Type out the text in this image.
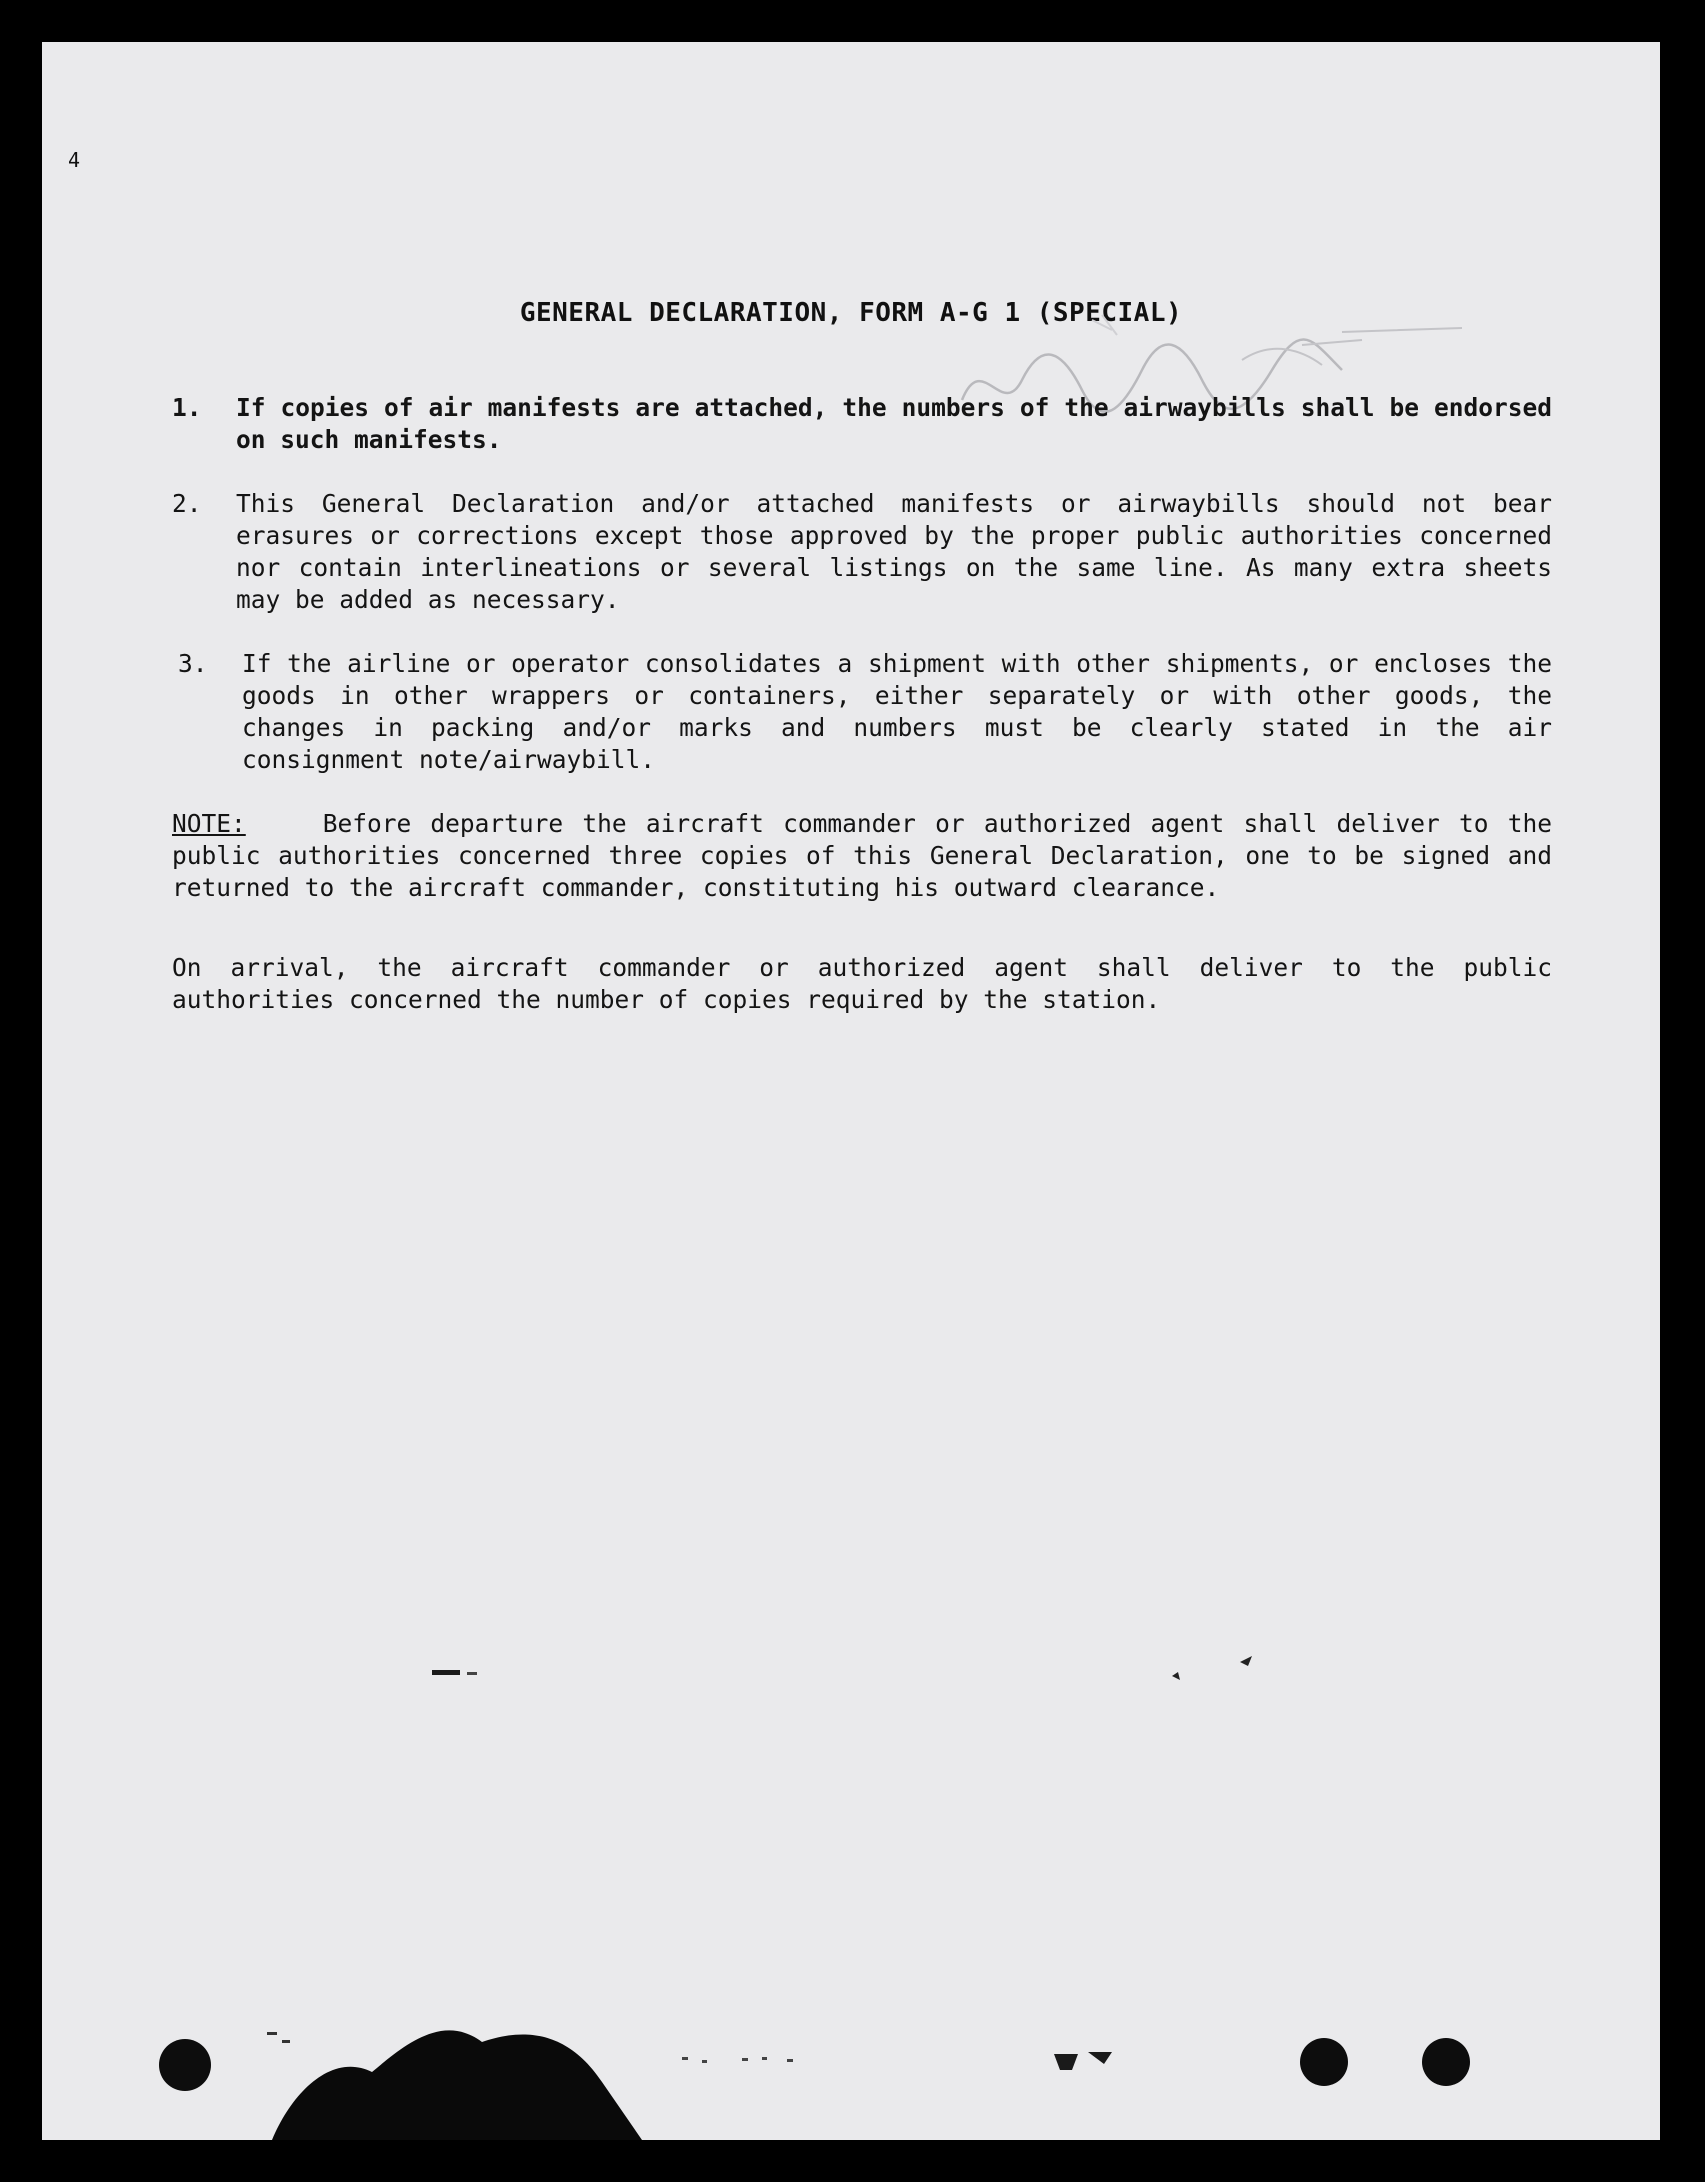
4
GENERAL DECLARATION, FORM A-G 1 (SPECIAL)
1.	If copies of air manifests are attached, the numbers of the airwaybills shall be endorsed on such manifests.
2.	This General Declaration and/or attached manifests or airwaybills should not bear erasures or corrections except those approved by the proper public authorities concerned nor contain interlineations or several listings on the same line. As many extra sheets may be added as necessary.
3.	If the airline or operator consolidates a shipment with other shipments, or encloses the goods in other wrappers or containers, either separately or with other goods, the changes in packing and/or marks and numbers must be clearly stated in the air consignment note/airwaybill.
NOTE:	Before departure the aircraft commander or authorized agent shall deliver to the public authorities concerned three copies of this General Declaration, one to be signed and returned to the aircraft commander, constituting his outward clearance.
On arrival, the aircraft commander or authorized agent shall deliver to the public authorities concerned the number of copies required by the station.
